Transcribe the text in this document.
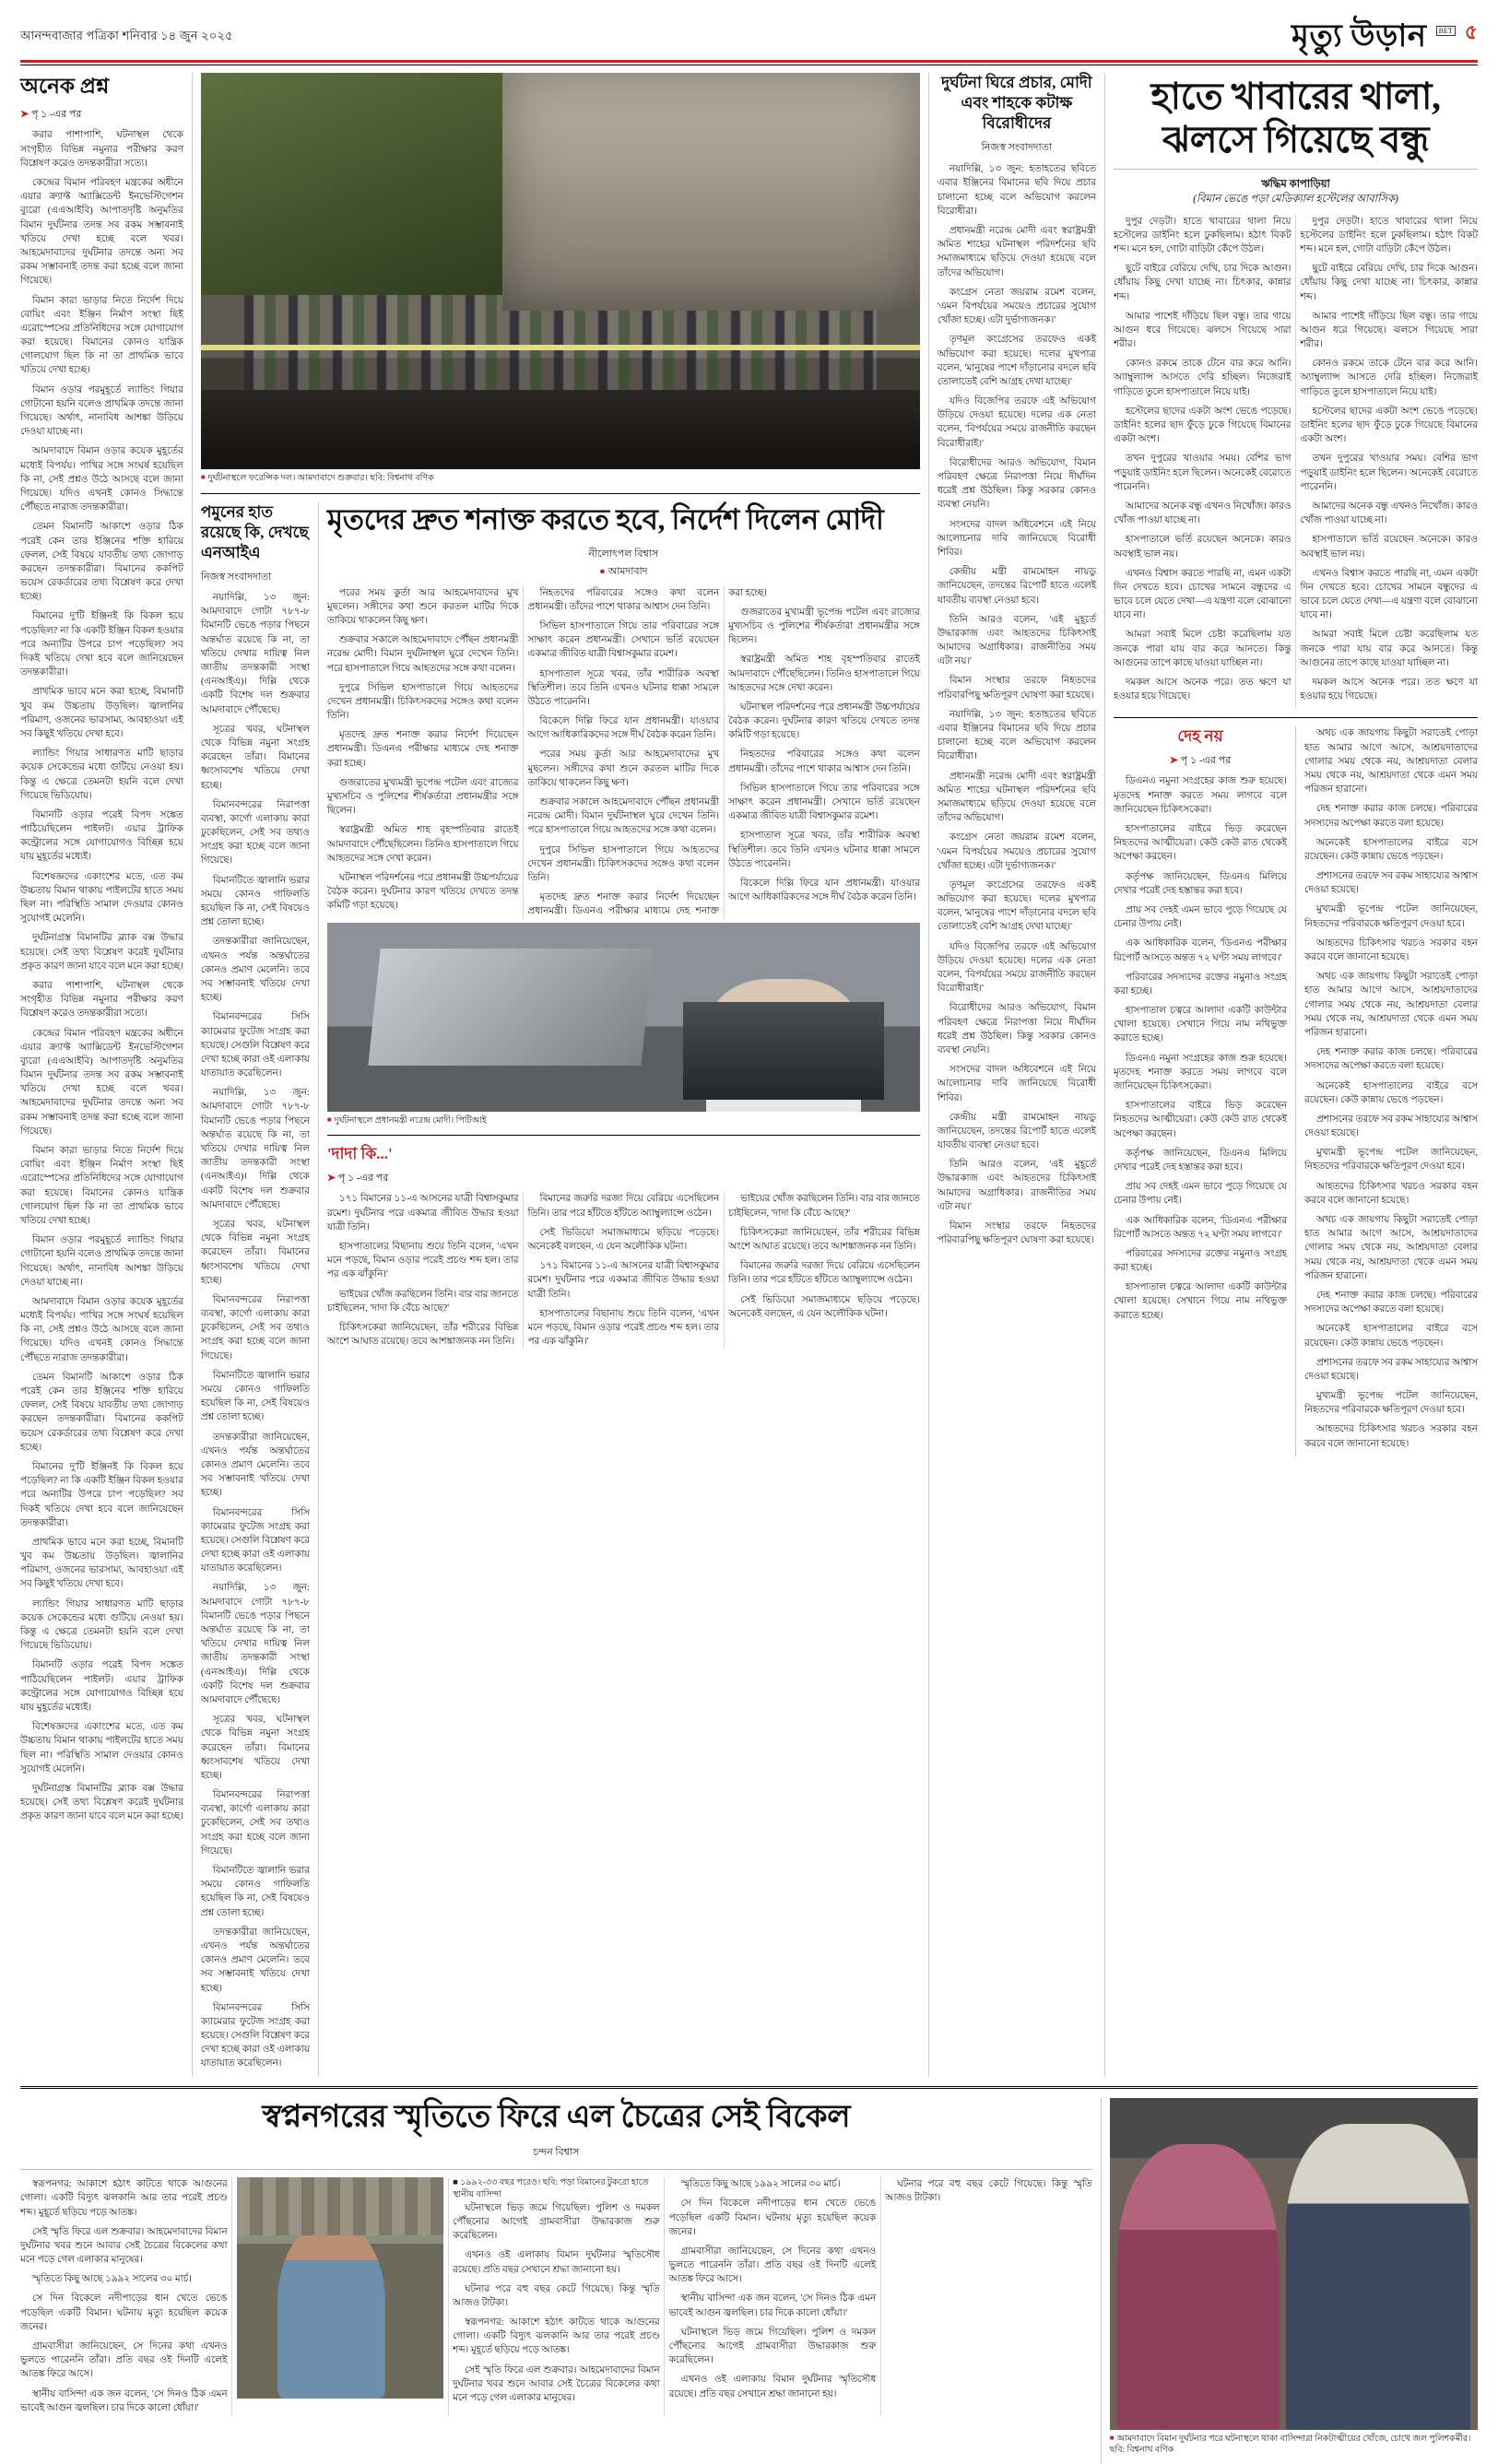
আনন্দবাজার পত্রিকা শনিবার ১৪ জুন ২০২৫	মৃত্যু উড়ান	BET ৫
অনেক প্রশ্ন
➤ পৃ ১ -এর পর

করার পাশাপাশি, ঘটনাস্থল থেকে সংগৃহীত বিভিন্ন নমুনার পরীক্ষার করণ বিশ্লেষণ করেও তদন্তকারীরা সত্যে।

কেন্দ্রের বিমান পরিবহণ মন্ত্রকের অধীনে এয়ার ক্র্যাফ্ট অ্যাক্সিডেন্ট ইনভেস্টিগেশন ব্যুরো (এএআইবি) আপাতদৃষ্টি অনুমতির বিমান দুর্ঘটনার তদন্ত সব রকম সম্ভাবনাই খতিয়ে দেখা হচ্ছে বলে খবর। আহমেদাবাদের দুর্ঘটনার তদন্তে অন্য সব রকম সম্ভাবনাই তদন্ত করা হচ্ছে বলে জানা গিয়েছে।

বিমান কারা ভাড়ার নিতে নির্দেশ দিয়ে বোয়িং এবং ইঞ্জিন নির্মাণ সংস্থা ছিই এরোস্পেসের প্রতিনিধিদের সঙ্গে যোগাযোগ করা হয়েছে। বিমানের কোনও যান্ত্রিক গোলযোগ ছিল কি না তা প্রাথমিক ভাবে খতিয়ে দেখা হচ্ছে।

বিমান ওড়ার পরমুহূর্তে ল্যান্ডিং গিয়ার গোটানো হয়নি বলেও প্রাথমিক তদন্তে জানা গিয়েছে। অর্থাৎ, নানাবিধ আশঙ্কা উড়িয়ে দেওয়া যাচ্ছে না।

আমদাবাদে বিমান ওড়ার কয়েক মুহূর্তের মধ্যেই বিপর্যয়। পাখির সঙ্গে সংঘর্ষ হয়েছিল কি না, সেই প্রশ্নও উঠে আসছে বলে জানা গিয়েছে। যদিও এখনই কোনও সিদ্ধান্তে পৌঁছতে নারাজ তদন্তকারীরা।

তেমন বিমানটি আকাশে ওড়ার ঠিক পরেই কেন তার ইঞ্জিনের শক্তি হারিয়ে ফেলল, সেই বিষয়ে যাবতীয় তথ্য জোগাড় করছেন তদন্তকারীরা। বিমানের ককপিট ভয়েস রেকর্ডারের তথ্য বিশ্লেষণ করে দেখা হচ্ছে।

বিমানের দু'টি ইঞ্জিনই কি বিকল হয়ে পড়েছিল? না কি একটি ইঞ্জিন বিকল হওয়ার পরে অন্যটির উপরে চাপ পড়েছিল? সব দিকই খতিয়ে দেখা হবে বলে জানিয়েছেন তদন্তকারীরা।

প্রাথমিক ভাবে মনে করা হচ্ছে, বিমানটি খুব কম উচ্চতায় উড়ছিল। জ্বালানির পরিমাণ, ওজনের ভারসাম্য, আবহাওয়া এই সব কিছুই খতিয়ে দেখা হবে।

ল্যান্ডিং গিয়ার সাধারণত মাটি ছাড়ার কয়েক সেকেন্ডের মধ্যে গুটিয়ে নেওয়া হয়। কিন্তু এ ক্ষেত্রে তেমনটা হয়নি বলে দেখা গিয়েছে ভিডিয়োয়।

বিমানটি ওড়ার পরেই বিপদ সঙ্কেত পাঠিয়েছিলেন পাইলট। এয়ার ট্রাফিক কন্ট্রোলের সঙ্গে যোগাযোগও বিচ্ছিন্ন হয়ে যায় মুহূর্তের মধ্যেই।

বিশেষজ্ঞদের একাংশের মতে, এত কম উচ্চতায় বিমান থাকায় পাইলটের হাতে সময় ছিল না। পরিস্থিতি সামাল দেওয়ার কোনও সুযোগই মেলেনি।

দুর্ঘটনাগ্রস্ত বিমানটির ব্ল্যাক বক্স উদ্ধার হয়েছে। সেই তথ্য বিশ্লেষণ করেই দুর্ঘটনার প্রকৃত কারণ জানা যাবে বলে মনে করা হচ্ছে।

করার পাশাপাশি, ঘটনাস্থল থেকে সংগৃহীত বিভিন্ন নমুনার পরীক্ষার করণ বিশ্লেষণ করেও তদন্তকারীরা সত্যে।

কেন্দ্রের বিমান পরিবহণ মন্ত্রকের অধীনে এয়ার ক্র্যাফ্ট অ্যাক্সিডেন্ট ইনভেস্টিগেশন ব্যুরো (এএআইবি) আপাতদৃষ্টি অনুমতির বিমান দুর্ঘটনার তদন্ত সব রকম সম্ভাবনাই খতিয়ে দেখা হচ্ছে বলে খবর। আহমেদাবাদের দুর্ঘটনার তদন্তে অন্য সব রকম সম্ভাবনাই তদন্ত করা হচ্ছে বলে জানা গিয়েছে।

বিমান কারা ভাড়ার নিতে নির্দেশ দিয়ে বোয়িং এবং ইঞ্জিন নির্মাণ সংস্থা ছিই এরোস্পেসের প্রতিনিধিদের সঙ্গে যোগাযোগ করা হয়েছে। বিমানের কোনও যান্ত্রিক গোলযোগ ছিল কি না তা প্রাথমিক ভাবে খতিয়ে দেখা হচ্ছে।

বিমান ওড়ার পরমুহূর্তে ল্যান্ডিং গিয়ার গোটানো হয়নি বলেও প্রাথমিক তদন্তে জানা গিয়েছে। অর্থাৎ, নানাবিধ আশঙ্কা উড়িয়ে দেওয়া যাচ্ছে না।

আমদাবাদে বিমান ওড়ার কয়েক মুহূর্তের মধ্যেই বিপর্যয়। পাখির সঙ্গে সংঘর্ষ হয়েছিল কি না, সেই প্রশ্নও উঠে আসছে বলে জানা গিয়েছে। যদিও এখনই কোনও সিদ্ধান্তে পৌঁছতে নারাজ তদন্তকারীরা।

তেমন বিমানটি আকাশে ওড়ার ঠিক পরেই কেন তার ইঞ্জিনের শক্তি হারিয়ে ফেলল, সেই বিষয়ে যাবতীয় তথ্য জোগাড় করছেন তদন্তকারীরা। বিমানের ককপিট ভয়েস রেকর্ডারের তথ্য বিশ্লেষণ করে দেখা হচ্ছে।

বিমানের দু'টি ইঞ্জিনই কি বিকল হয়ে পড়েছিল? না কি একটি ইঞ্জিন বিকল হওয়ার পরে অন্যটির উপরে চাপ পড়েছিল? সব দিকই খতিয়ে দেখা হবে বলে জানিয়েছেন তদন্তকারীরা।

প্রাথমিক ভাবে মনে করা হচ্ছে, বিমানটি খুব কম উচ্চতায় উড়ছিল। জ্বালানির পরিমাণ, ওজনের ভারসাম্য, আবহাওয়া এই সব কিছুই খতিয়ে দেখা হবে।

ল্যান্ডিং গিয়ার সাধারণত মাটি ছাড়ার কয়েক সেকেন্ডের মধ্যে গুটিয়ে নেওয়া হয়। কিন্তু এ ক্ষেত্রে তেমনটা হয়নি বলে দেখা গিয়েছে ভিডিয়োয়।

বিমানটি ওড়ার পরেই বিপদ সঙ্কেত পাঠিয়েছিলেন পাইলট। এয়ার ট্রাফিক কন্ট্রোলের সঙ্গে যোগাযোগও বিচ্ছিন্ন হয়ে যায় মুহূর্তের মধ্যেই।

বিশেষজ্ঞদের একাংশের মতে, এত কম উচ্চতায় বিমান থাকায় পাইলটের হাতে সময় ছিল না। পরিস্থিতি সামাল দেওয়ার কোনও সুযোগই মেলেনি।

দুর্ঘটনাগ্রস্ত বিমানটির ব্ল্যাক বক্স উদ্ধার হয়েছে। সেই তথ্য বিশ্লেষণ করেই দুর্ঘটনার প্রকৃত কারণ জানা যাবে বলে মনে করা হচ্ছে।

■ দুর্ঘটনাস্থলে ফরেন্সিক দল। আমদাবাদে শুক্রবার। ছবি: বিশ্বনাথ বণিক
পমুনের হাত রয়েছে কি, দেখছে এনআইএ
নিজস্ব সংবাদদাতা

নয়াদিল্লি, ১৩ জুন: আমদাবাদে গোটা ৭৮৭-৮ বিমানটি ভেঙে পড়ার পিছনে অন্তর্ঘাত রয়েছে কি না, তা খতিয়ে দেখার দায়িত্ব নিল জাতীয় তদন্তকারী সংস্থা (এনআইএ)। দিল্লি থেকে একটি বিশেষ দল শুক্রবার আমদাবাদে পৌঁছেছে।

সূত্রের খবর, ঘটনাস্থল থেকে বিভিন্ন নমুনা সংগ্রহ করেছেন তাঁরা। বিমানের ধ্বংসাবশেষ খতিয়ে দেখা হচ্ছে।

বিমানবন্দরের নিরাপত্তা ব্যবস্থা, কার্গো এলাকায় কারা ঢুকেছিলেন, সেই সব তথ্যও সংগ্রহ করা হচ্ছে বলে জানা গিয়েছে।

বিমানটিতে জ্বালানি ভরার সময়ে কোনও গাফিলতি হয়েছিল কি না, সেই বিষয়েও প্রশ্ন তোলা হচ্ছে।

তদন্তকারীরা জানিয়েছেন, এখনও পর্যন্ত অন্তর্ঘাতের কোনও প্রমাণ মেলেনি। তবে সব সম্ভাবনাই খতিয়ে দেখা হচ্ছে।

বিমানবন্দরের সিসি ক্যামেরার ফুটেজ সংগ্রহ করা হয়েছে। সেগুলি বিশ্লেষণ করে দেখা হচ্ছে কারা ওই এলাকায় যাতায়াত করেছিলেন।

নয়াদিল্লি, ১৩ জুন: আমদাবাদে গোটা ৭৮৭-৮ বিমানটি ভেঙে পড়ার পিছনে অন্তর্ঘাত রয়েছে কি না, তা খতিয়ে দেখার দায়িত্ব নিল জাতীয় তদন্তকারী সংস্থা (এনআইএ)। দিল্লি থেকে একটি বিশেষ দল শুক্রবার আমদাবাদে পৌঁছেছে।

সূত্রের খবর, ঘটনাস্থল থেকে বিভিন্ন নমুনা সংগ্রহ করেছেন তাঁরা। বিমানের ধ্বংসাবশেষ খতিয়ে দেখা হচ্ছে।

বিমানবন্দরের নিরাপত্তা ব্যবস্থা, কার্গো এলাকায় কারা ঢুকেছিলেন, সেই সব তথ্যও সংগ্রহ করা হচ্ছে বলে জানা গিয়েছে।

বিমানটিতে জ্বালানি ভরার সময়ে কোনও গাফিলতি হয়েছিল কি না, সেই বিষয়েও প্রশ্ন তোলা হচ্ছে।

তদন্তকারীরা জানিয়েছেন, এখনও পর্যন্ত অন্তর্ঘাতের কোনও প্রমাণ মেলেনি। তবে সব সম্ভাবনাই খতিয়ে দেখা হচ্ছে।

বিমানবন্দরের সিসি ক্যামেরার ফুটেজ সংগ্রহ করা হয়েছে। সেগুলি বিশ্লেষণ করে দেখা হচ্ছে কারা ওই এলাকায় যাতায়াত করেছিলেন।

নয়াদিল্লি, ১৩ জুন: আমদাবাদে গোটা ৭৮৭-৮ বিমানটি ভেঙে পড়ার পিছনে অন্তর্ঘাত রয়েছে কি না, তা খতিয়ে দেখার দায়িত্ব নিল জাতীয় তদন্তকারী সংস্থা (এনআইএ)। দিল্লি থেকে একটি বিশেষ দল শুক্রবার আমদাবাদে পৌঁছেছে।

সূত্রের খবর, ঘটনাস্থল থেকে বিভিন্ন নমুনা সংগ্রহ করেছেন তাঁরা। বিমানের ধ্বংসাবশেষ খতিয়ে দেখা হচ্ছে।

বিমানবন্দরের নিরাপত্তা ব্যবস্থা, কার্গো এলাকায় কারা ঢুকেছিলেন, সেই সব তথ্যও সংগ্রহ করা হচ্ছে বলে জানা গিয়েছে।

বিমানটিতে জ্বালানি ভরার সময়ে কোনও গাফিলতি হয়েছিল কি না, সেই বিষয়েও প্রশ্ন তোলা হচ্ছে।

তদন্তকারীরা জানিয়েছেন, এখনও পর্যন্ত অন্তর্ঘাতের কোনও প্রমাণ মেলেনি। তবে সব সম্ভাবনাই খতিয়ে দেখা হচ্ছে।

বিমানবন্দরের সিসি ক্যামেরার ফুটেজ সংগ্রহ করা হয়েছে। সেগুলি বিশ্লেষণ করে দেখা হচ্ছে কারা ওই এলাকায় যাতায়াত করেছিলেন।

মৃতদের দ্রুত শনাক্ত করতে হবে, নির্দেশ দিলেন মোদী
নীলোৎপল বিশ্বাস
● আমদাবাদ

পরের সময় কুর্তা আর আহমেদাবাদের মুখ মুছলেন। সঙ্গীদের কথা শুনে করতল মাটির দিকে তাকিয়ে থাকলেন কিছু ক্ষণ।

শুক্রবার সকালে আহমেদাবাদে পৌঁছন প্রধানমন্ত্রী নরেন্দ্র মোদী। বিমান দুর্ঘটনাস্থল ঘুরে দেখেন তিনি। পরে হাসপাতালে গিয়ে আহতদের সঙ্গে কথা বলেন।

দুপুরে সিভিল হাসপাতালে গিয়ে আহতদের দেখেন প্রধানমন্ত্রী। চিকিৎসকদের সঙ্গেও কথা বলেন তিনি।

মৃতদেহ দ্রুত শনাক্ত করার নির্দেশ দিয়েছেন প্রধানমন্ত্রী। ডিএনএ পরীক্ষার মাধ্যমে দেহ শনাক্ত করা হচ্ছে।

গুজরাতের মুখ্যমন্ত্রী ভূপেন্দ্র পটেল এবং রাজ্যের মুখ্যসচিব ও পুলিশের শীর্ষকর্তারা প্রধানমন্ত্রীর সঙ্গে ছিলেন।

স্বরাষ্ট্রমন্ত্রী অমিত শাহ বৃহস্পতিবার রাতেই আমদাবাদে পৌঁছেছিলেন। তিনিও হাসপাতালে গিয়ে আহতদের সঙ্গে দেখা করেন।

ঘটনাস্থল পরিদর্শনের পরে প্রধানমন্ত্রী উচ্চপর্যায়ের বৈঠক করেন। দুর্ঘটনার কারণ খতিয়ে দেখতে তদন্ত কমিটি গড়া হয়েছে।

নিহতদের পরিবারের সঙ্গেও কথা বলেন প্রধানমন্ত্রী। তাঁদের পাশে থাকার আশ্বাস দেন তিনি।

সিভিল হাসপাতালে গিয়ে তার পরিবারের সঙ্গে সাক্ষাৎ করেন প্রধানমন্ত্রী। সেখানে ভর্তি রয়েছেন একমাত্র জীবিত যাত্রী বিশ্বাসকুমার রমেশ।

হাসপাতাল সূত্রে খবর, তাঁর শারীরিক অবস্থা স্থিতিশীল। তবে তিনি এখনও ঘটনার ধাক্কা সামলে উঠতে পারেননি।

বিকেলে দিল্লি ফিরে যান প্রধানমন্ত্রী। যাওয়ার আগে আধিকারিকদের সঙ্গে দীর্ঘ বৈঠক করেন তিনি।

পরের সময় কুর্তা আর আহমেদাবাদের মুখ মুছলেন। সঙ্গীদের কথা শুনে করতল মাটির দিকে তাকিয়ে থাকলেন কিছু ক্ষণ।

শুক্রবার সকালে আহমেদাবাদে পৌঁছন প্রধানমন্ত্রী নরেন্দ্র মোদী। বিমান দুর্ঘটনাস্থল ঘুরে দেখেন তিনি। পরে হাসপাতালে গিয়ে আহতদের সঙ্গে কথা বলেন।

দুপুরে সিভিল হাসপাতালে গিয়ে আহতদের দেখেন প্রধানমন্ত্রী। চিকিৎসকদের সঙ্গেও কথা বলেন তিনি।

মৃতদেহ দ্রুত শনাক্ত করার নির্দেশ দিয়েছেন প্রধানমন্ত্রী। ডিএনএ পরীক্ষার মাধ্যমে দেহ শনাক্ত করা হচ্ছে।

গুজরাতের মুখ্যমন্ত্রী ভূপেন্দ্র পটেল এবং রাজ্যের মুখ্যসচিব ও পুলিশের শীর্ষকর্তারা প্রধানমন্ত্রীর সঙ্গে ছিলেন।

স্বরাষ্ট্রমন্ত্রী অমিত শাহ বৃহস্পতিবার রাতেই আমদাবাদে পৌঁছেছিলেন। তিনিও হাসপাতালে গিয়ে আহতদের সঙ্গে দেখা করেন।

ঘটনাস্থল পরিদর্শনের পরে প্রধানমন্ত্রী উচ্চপর্যায়ের বৈঠক করেন। দুর্ঘটনার কারণ খতিয়ে দেখতে তদন্ত কমিটি গড়া হয়েছে।

নিহতদের পরিবারের সঙ্গেও কথা বলেন প্রধানমন্ত্রী। তাঁদের পাশে থাকার আশ্বাস দেন তিনি।

সিভিল হাসপাতালে গিয়ে তার পরিবারের সঙ্গে সাক্ষাৎ করেন প্রধানমন্ত্রী। সেখানে ভর্তি রয়েছেন একমাত্র জীবিত যাত্রী বিশ্বাসকুমার রমেশ।

হাসপাতাল সূত্রে খবর, তাঁর শারীরিক অবস্থা স্থিতিশীল। তবে তিনি এখনও ঘটনার ধাক্কা সামলে উঠতে পারেননি।

বিকেলে দিল্লি ফিরে যান প্রধানমন্ত্রী। যাওয়ার আগে আধিকারিকদের সঙ্গে দীর্ঘ বৈঠক করেন তিনি।

■ দুর্ঘটনাস্থলে প্রধানমন্ত্রী নরেন্দ্র মোদী। পিটিআই
'দাদা কি...'
➤ পৃ ১ -এর পর

১৭১ বিমানের ১১-এ আসনের যাত্রী বিশ্বাসকুমার রমেশ। দুর্ঘটনার পরে একমাত্র জীবিত উদ্ধার হওয়া যাত্রী তিনি।

হাসপাতালের বিছানায় শুয়ে তিনি বলেন, 'এখন মনে পড়ছে, বিমান ওড়ার পরেই প্রচণ্ড শব্দ হল। তার পর এক ঝাঁকুনি।'

ভাইয়ের খোঁজ করছিলেন তিনি। বার বার জানতে চাইছিলেন, 'দাদা কি বেঁচে আছে?'

চিকিৎসকেরা জানিয়েছেন, তাঁর শরীরের বিভিন্ন অংশে আঘাত রয়েছে। তবে আশঙ্কাজনক নন তিনি।

বিমানের জরুরি দরজা দিয়ে বেরিয়ে এসেছিলেন তিনি। তার পরে হাঁটতে হাঁটতে অ্যাম্বুল্যান্সে ওঠেন।

সেই ভিডিয়ো সমাজমাধ্যমে ছড়িয়ে পড়েছে। অনেকেই বলছেন, এ যেন অলৌকিক ঘটনা।

১৭১ বিমানের ১১-এ আসনের যাত্রী বিশ্বাসকুমার রমেশ। দুর্ঘটনার পরে একমাত্র জীবিত উদ্ধার হওয়া যাত্রী তিনি।

হাসপাতালের বিছানায় শুয়ে তিনি বলেন, 'এখন মনে পড়ছে, বিমান ওড়ার পরেই প্রচণ্ড শব্দ হল। তার পর এক ঝাঁকুনি।'

ভাইয়ের খোঁজ করছিলেন তিনি। বার বার জানতে চাইছিলেন, 'দাদা কি বেঁচে আছে?'

চিকিৎসকেরা জানিয়েছেন, তাঁর শরীরের বিভিন্ন অংশে আঘাত রয়েছে। তবে আশঙ্কাজনক নন তিনি।

বিমানের জরুরি দরজা দিয়ে বেরিয়ে এসেছিলেন তিনি। তার পরে হাঁটতে হাঁটতে অ্যাম্বুল্যান্সে ওঠেন।

সেই ভিডিয়ো সমাজমাধ্যমে ছড়িয়ে পড়েছে। অনেকেই বলছেন, এ যেন অলৌকিক ঘটনা।

দুর্ঘটনা ঘিরে প্রচার, মোদী এবং শাহকে কটাক্ষ বিরোধীদের
নিজস্ব সংবাদদাতা

নয়াদিল্লি, ১৩ জুন: হতাহতের ছবিতে এবার ইঞ্জিনের বিমানের ছবি দিয়ে প্রচার চালানো হচ্ছে বলে অভিযোগ করলেন বিরোধীরা।

প্রধানমন্ত্রী নরেন্দ্র মোদী এবং স্বরাষ্ট্রমন্ত্রী অমিত শাহের ঘটনাস্থল পরিদর্শনের ছবি সমাজমাধ্যমে ছড়িয়ে দেওয়া হয়েছে বলে তাঁদের অভিযোগ।

কংগ্রেস নেতা জয়রাম রমেশ বলেন, 'এমন বিপর্যয়ের সময়েও প্রচারের সুযোগ খোঁজা হচ্ছে। এটা দুর্ভাগ্যজনক।'

তৃণমূল কংগ্রেসের তরফেও একই অভিযোগ করা হয়েছে। দলের মুখপাত্র বলেন, 'মানুষের পাশে দাঁড়ানোর বদলে ছবি তোলাতেই বেশি আগ্রহ দেখা যাচ্ছে।'

যদিও বিজেপির তরফে এই অভিযোগ উড়িয়ে দেওয়া হয়েছে। দলের এক নেতা বলেন, 'বিপর্যয়ের সময়ে রাজনীতি করছেন বিরোধীরাই।'

বিরোধীদের আরও অভিযোগ, বিমান পরিবহণ ক্ষেত্রে নিরাপত্তা নিয়ে দীর্ঘদিন ধরেই প্রশ্ন উঠছিল। কিন্তু সরকার কোনও ব্যবস্থা নেয়নি।

সংসদের বাদল অধিবেশনে এই নিয়ে আলোচনার দাবি জানিয়েছে বিরোধী শিবির।

কেন্দ্রীয় মন্ত্রী রামমোহন নায়ডু জানিয়েছেন, তদন্তের রিপোর্ট হাতে এলেই যাবতীয় ব্যবস্থা নেওয়া হবে।

তিনি আরও বলেন, 'এই মুহূর্তে উদ্ধারকাজ এবং আহতদের চিকিৎসাই আমাদের অগ্রাধিকার। রাজনীতির সময় এটা নয়।'

বিমান সংস্থার তরফে নিহতদের পরিবারপিছু ক্ষতিপূরণ ঘোষণা করা হয়েছে।

নয়াদিল্লি, ১৩ জুন: হতাহতের ছবিতে এবার ইঞ্জিনের বিমানের ছবি দিয়ে প্রচার চালানো হচ্ছে বলে অভিযোগ করলেন বিরোধীরা।

প্রধানমন্ত্রী নরেন্দ্র মোদী এবং স্বরাষ্ট্রমন্ত্রী অমিত শাহের ঘটনাস্থল পরিদর্শনের ছবি সমাজমাধ্যমে ছড়িয়ে দেওয়া হয়েছে বলে তাঁদের অভিযোগ।

কংগ্রেস নেতা জয়রাম রমেশ বলেন, 'এমন বিপর্যয়ের সময়েও প্রচারের সুযোগ খোঁজা হচ্ছে। এটা দুর্ভাগ্যজনক।'

তৃণমূল কংগ্রেসের তরফেও একই অভিযোগ করা হয়েছে। দলের মুখপাত্র বলেন, 'মানুষের পাশে দাঁড়ানোর বদলে ছবি তোলাতেই বেশি আগ্রহ দেখা যাচ্ছে।'

যদিও বিজেপির তরফে এই অভিযোগ উড়িয়ে দেওয়া হয়েছে। দলের এক নেতা বলেন, 'বিপর্যয়ের সময়ে রাজনীতি করছেন বিরোধীরাই।'

বিরোধীদের আরও অভিযোগ, বিমান পরিবহণ ক্ষেত্রে নিরাপত্তা নিয়ে দীর্ঘদিন ধরেই প্রশ্ন উঠছিল। কিন্তু সরকার কোনও ব্যবস্থা নেয়নি।

সংসদের বাদল অধিবেশনে এই নিয়ে আলোচনার দাবি জানিয়েছে বিরোধী শিবির।

কেন্দ্রীয় মন্ত্রী রামমোহন নায়ডু জানিয়েছেন, তদন্তের রিপোর্ট হাতে এলেই যাবতীয় ব্যবস্থা নেওয়া হবে।

তিনি আরও বলেন, 'এই মুহূর্তে উদ্ধারকাজ এবং আহতদের চিকিৎসাই আমাদের অগ্রাধিকার। রাজনীতির সময় এটা নয়।'

বিমান সংস্থার তরফে নিহতদের পরিবারপিছু ক্ষতিপূরণ ঘোষণা করা হয়েছে।

হাতে খাবারের থালা, ঝলসে গিয়েছে বন্ধু
ঋদ্ধিম কাপাড়িয়া
(বিমান ভেঙে পড়া মেডিক্যাল হস্টেলের আবাসিক)

দুপুর দেড়টা। হাতে খাবারের থালা নিয়ে হস্টেলের ডাইনিং হলে ঢুকছিলাম। হঠাৎ বিকট শব্দ। মনে হল, গোটা বাড়িটা কেঁপে উঠল।

ছুটে বাইরে বেরিয়ে দেখি, চার দিকে আগুন। ধোঁয়ায় কিছু দেখা যাচ্ছে না। চিৎকার, কান্নার শব্দ।

আমার পাশেই দাঁড়িয়ে ছিল বন্ধু। তার গায়ে আগুন ধরে গিয়েছে। ঝলসে গিয়েছে সারা শরীর।

কোনও রকমে তাকে টেনে বার করে আনি। অ্যাম্বুল্যান্স আসতে দেরি হচ্ছিল। নিজেরাই গাড়িতে তুলে হাসপাতালে নিয়ে যাই।

হস্টেলের ছাদের একটা অংশ ভেঙে পড়েছে। ডাইনিং হলের ছাদ ফুঁড়ে ঢুকে গিয়েছে বিমানের একটা অংশ।

তখন দুপুরের খাওয়ার সময়। বেশির ভাগ পড়ুয়াই ডাইনিং হলে ছিলেন। অনেকেই বেরোতে পারেননি।

আমাদের অনেক বন্ধু এখনও নিখোঁজ। কারও খোঁজ পাওয়া যাচ্ছে না।

হাসপাতালে ভর্তি রয়েছেন অনেকে। কারও অবস্থাই ভাল নয়।

এখনও বিশ্বাস করতে পারছি না, এমন একটা দিন দেখতে হবে। চোখের সামনে বন্ধুদের এ ভাবে চলে যেতে দেখা—এ যন্ত্রণা বলে বোঝানো যাবে না।

আমরা সবাই মিলে চেষ্টা করেছিলাম যত জনকে পারা যায় বার করে আনতে। কিন্তু আগুনের তাপে কাছে যাওয়া যাচ্ছিল না।

দমকল আসে অনেক পরে। তত ক্ষণে যা হওয়ার হয়ে গিয়েছে।

দুপুর দেড়টা। হাতে খাবারের থালা নিয়ে হস্টেলের ডাইনিং হলে ঢুকছিলাম। হঠাৎ বিকট শব্দ। মনে হল, গোটা বাড়িটা কেঁপে উঠল।

ছুটে বাইরে বেরিয়ে দেখি, চার দিকে আগুন। ধোঁয়ায় কিছু দেখা যাচ্ছে না। চিৎকার, কান্নার শব্দ।

আমার পাশেই দাঁড়িয়ে ছিল বন্ধু। তার গায়ে আগুন ধরে গিয়েছে। ঝলসে গিয়েছে সারা শরীর।

কোনও রকমে তাকে টেনে বার করে আনি। অ্যাম্বুল্যান্স আসতে দেরি হচ্ছিল। নিজেরাই গাড়িতে তুলে হাসপাতালে নিয়ে যাই।

হস্টেলের ছাদের একটা অংশ ভেঙে পড়েছে। ডাইনিং হলের ছাদ ফুঁড়ে ঢুকে গিয়েছে বিমানের একটা অংশ।

তখন দুপুরের খাওয়ার সময়। বেশির ভাগ পড়ুয়াই ডাইনিং হলে ছিলেন। অনেকেই বেরোতে পারেননি।

আমাদের অনেক বন্ধু এখনও নিখোঁজ। কারও খোঁজ পাওয়া যাচ্ছে না।

হাসপাতালে ভর্তি রয়েছেন অনেকে। কারও অবস্থাই ভাল নয়।

এখনও বিশ্বাস করতে পারছি না, এমন একটা দিন দেখতে হবে। চোখের সামনে বন্ধুদের এ ভাবে চলে যেতে দেখা—এ যন্ত্রণা বলে বোঝানো যাবে না।

আমরা সবাই মিলে চেষ্টা করেছিলাম যত জনকে পারা যায় বার করে আনতে। কিন্তু আগুনের তাপে কাছে যাওয়া যাচ্ছিল না।

দমকল আসে অনেক পরে। তত ক্ষণে যা হওয়ার হয়ে গিয়েছে।

দেহ নয়
➤ পৃ ১ -এর পর

ডিএনএ নমুনা সংগ্রহের কাজ শুরু হয়েছে। মৃতদেহ শনাক্ত করতে সময় লাগবে বলে জানিয়েছেন চিকিৎসকেরা।

হাসপাতালের বাইরে ভিড় করেছেন নিহতদের আত্মীয়েরা। কেউ কেউ রাত থেকেই অপেক্ষা করছেন।

কর্তৃপক্ষ জানিয়েছেন, ডিএনএ মিলিয়ে দেখার পরেই দেহ হস্তান্তর করা হবে।

প্রায় সব দেহই এমন ভাবে পুড়ে গিয়েছে যে চেনার উপায় নেই।

এক আধিকারিক বলেন, 'ডিএনএ পরীক্ষার রিপোর্ট আসতে অন্তত ৭২ ঘণ্টা সময় লাগবে।'

পরিবারের সদস্যদের রক্তের নমুনাও সংগ্রহ করা হচ্ছে।

হাসপাতাল চত্বরে আলাদা একটি কাউন্টার খোলা হয়েছে। সেখানে গিয়ে নাম নথিভুক্ত করাতে হচ্ছে।

ডিএনএ নমুনা সংগ্রহের কাজ শুরু হয়েছে। মৃতদেহ শনাক্ত করতে সময় লাগবে বলে জানিয়েছেন চিকিৎসকেরা।

হাসপাতালের বাইরে ভিড় করেছেন নিহতদের আত্মীয়েরা। কেউ কেউ রাত থেকেই অপেক্ষা করছেন।

কর্তৃপক্ষ জানিয়েছেন, ডিএনএ মিলিয়ে দেখার পরেই দেহ হস্তান্তর করা হবে।

প্রায় সব দেহই এমন ভাবে পুড়ে গিয়েছে যে চেনার উপায় নেই।

এক আধিকারিক বলেন, 'ডিএনএ পরীক্ষার রিপোর্ট আসতে অন্তত ৭২ ঘণ্টা সময় লাগবে।'

পরিবারের সদস্যদের রক্তের নমুনাও সংগ্রহ করা হচ্ছে।

হাসপাতাল চত্বরে আলাদা একটি কাউন্টার খোলা হয়েছে। সেখানে গিয়ে নাম নথিভুক্ত করাতে হচ্ছে।

অথচ এক জায়গায় কিছুটা সরাতেই পোড়া হাত আমার আগে আসে, আশ্রয়দাতাদের গোলার সময় থেকে নয়, আশ্রয়দাতা বেলার সময় থেকে নয়, আশ্রয়দাতা থেকে এমন সময় পরিজন হারানো।

দেহ শনাক্ত করার কাজ চলছে। পরিবারের সদস্যদের অপেক্ষা করতে বলা হয়েছে।

অনেকেই হাসপাতালের বাইরে বসে রয়েছেন। কেউ কান্নায় ভেঙে পড়ছেন।

প্রশাসনের তরফে সব রকম সাহায্যের আশ্বাস দেওয়া হয়েছে।

মুখ্যমন্ত্রী ভূপেন্দ্র পটেল জানিয়েছেন, নিহতদের পরিবারকে ক্ষতিপূরণ দেওয়া হবে।

আহতদের চিকিৎসার খরচও সরকার বহন করবে বলে জানানো হয়েছে।

অথচ এক জায়গায় কিছুটা সরাতেই পোড়া হাত আমার আগে আসে, আশ্রয়দাতাদের গোলার সময় থেকে নয়, আশ্রয়দাতা বেলার সময় থেকে নয়, আশ্রয়দাতা থেকে এমন সময় পরিজন হারানো।

দেহ শনাক্ত করার কাজ চলছে। পরিবারের সদস্যদের অপেক্ষা করতে বলা হয়েছে।

অনেকেই হাসপাতালের বাইরে বসে রয়েছেন। কেউ কান্নায় ভেঙে পড়ছেন।

প্রশাসনের তরফে সব রকম সাহায্যের আশ্বাস দেওয়া হয়েছে।

মুখ্যমন্ত্রী ভূপেন্দ্র পটেল জানিয়েছেন, নিহতদের পরিবারকে ক্ষতিপূরণ দেওয়া হবে।

আহতদের চিকিৎসার খরচও সরকার বহন করবে বলে জানানো হয়েছে।

অথচ এক জায়গায় কিছুটা সরাতেই পোড়া হাত আমার আগে আসে, আশ্রয়দাতাদের গোলার সময় থেকে নয়, আশ্রয়দাতা বেলার সময় থেকে নয়, আশ্রয়দাতা থেকে এমন সময় পরিজন হারানো।

দেহ শনাক্ত করার কাজ চলছে। পরিবারের সদস্যদের অপেক্ষা করতে বলা হয়েছে।

অনেকেই হাসপাতালের বাইরে বসে রয়েছেন। কেউ কান্নায় ভেঙে পড়ছেন।

প্রশাসনের তরফে সব রকম সাহায্যের আশ্বাস দেওয়া হয়েছে।

মুখ্যমন্ত্রী ভূপেন্দ্র পটেল জানিয়েছেন, নিহতদের পরিবারকে ক্ষতিপূরণ দেওয়া হবে।

আহতদের চিকিৎসার খরচও সরকার বহন করবে বলে জানানো হয়েছে।

স্বপ্ননগরের স্মৃতিতে ফিরে এল চৈত্রের সেই বিকেল
চন্দন বিশ্বাস

স্বরূপনগর: আকাশে হঠাৎ কাটতে থাকে আগুনের গোলা। একটি বিদ্যুৎ ঝলকানি আর তার পরেই প্রচণ্ড শব্দ। মুহূর্তে ছড়িয়ে পড়ে আতঙ্ক।

সেই স্মৃতি ফিরে এল শুক্রবার। আহমেদাবাদের বিমান দুর্ঘটনার খবর শুনে আবার সেই চৈত্রের বিকেলের কথা মনে পড়ে গেল এলাকার মানুষের।

স্মৃতিতে কিছু আছে ১৯৯২ সালের ৩০ মার্চ।

সে দিন বিকেলে নদীপাড়ের ধান খেতে ভেঙে পড়েছিল একটি বিমান। ঘটনায় মৃত্যু হয়েছিল কয়েক জনের।

গ্রামবাসীরা জানিয়েছেন, সে দিনের কথা এখনও ভুলতে পারেননি তাঁরা। প্রতি বছর ওই দিনটি এলেই আতঙ্ক ফিরে আসে।

স্থানীয় বাসিন্দা এক জন বলেন, 'সে দিনও ঠিক এমন ভাবেই আগুন জ্বলছিল। চার দিকে কালো ধোঁয়া।'

■ ১৯৯২-৩৩ বছর পরেও। ছবি: পড়া বিমানের টুকরো হাতে স্থানীয় বাসিন্দা

ঘটনাস্থলে ভিড় জমে গিয়েছিল। পুলিশ ও দমকল পৌঁছনোর আগেই গ্রামবাসীরা উদ্ধারকাজ শুরু করেছিলেন।

এখনও ওই এলাকায় বিমান দুর্ঘটনার স্মৃতিসৌধ রয়েছে। প্রতি বছর সেখানে শ্রদ্ধা জানানো হয়।

ঘটনার পরে বহু বছর কেটে গিয়েছে। কিন্তু স্মৃতি আজও টাটকা।

স্বরূপনগর: আকাশে হঠাৎ কাটতে থাকে আগুনের গোলা। একটি বিদ্যুৎ ঝলকানি আর তার পরেই প্রচণ্ড শব্দ। মুহূর্তে ছড়িয়ে পড়ে আতঙ্ক।

সেই স্মৃতি ফিরে এল শুক্রবার। আহমেদাবাদের বিমান দুর্ঘটনার খবর শুনে আবার সেই চৈত্রের বিকেলের কথা মনে পড়ে গেল এলাকার মানুষের।

স্মৃতিতে কিছু আছে ১৯৯২ সালের ৩০ মার্চ।

সে দিন বিকেলে নদীপাড়ের ধান খেতে ভেঙে পড়েছিল একটি বিমান। ঘটনায় মৃত্যু হয়েছিল কয়েক জনের।

গ্রামবাসীরা জানিয়েছেন, সে দিনের কথা এখনও ভুলতে পারেননি তাঁরা। প্রতি বছর ওই দিনটি এলেই আতঙ্ক ফিরে আসে।

স্থানীয় বাসিন্দা এক জন বলেন, 'সে দিনও ঠিক এমন ভাবেই আগুন জ্বলছিল। চার দিকে কালো ধোঁয়া।'

ঘটনাস্থলে ভিড় জমে গিয়েছিল। পুলিশ ও দমকল পৌঁছনোর আগেই গ্রামবাসীরা উদ্ধারকাজ শুরু করেছিলেন।

এখনও ওই এলাকায় বিমান দুর্ঘটনার স্মৃতিসৌধ রয়েছে। প্রতি বছর সেখানে শ্রদ্ধা জানানো হয়।

ঘটনার পরে বহু বছর কেটে গিয়েছে। কিন্তু স্মৃতি আজও টাটকা।

■ আমদাবাদে বিমান দুর্ঘটনার পরে ঘটনাস্থলে থাকা বাসিন্দারা নিকটাত্মীয়ের খোঁজে, চোখে জল পুলিশকর্মীর। ছবি: বিশ্বনাথ বণিক
